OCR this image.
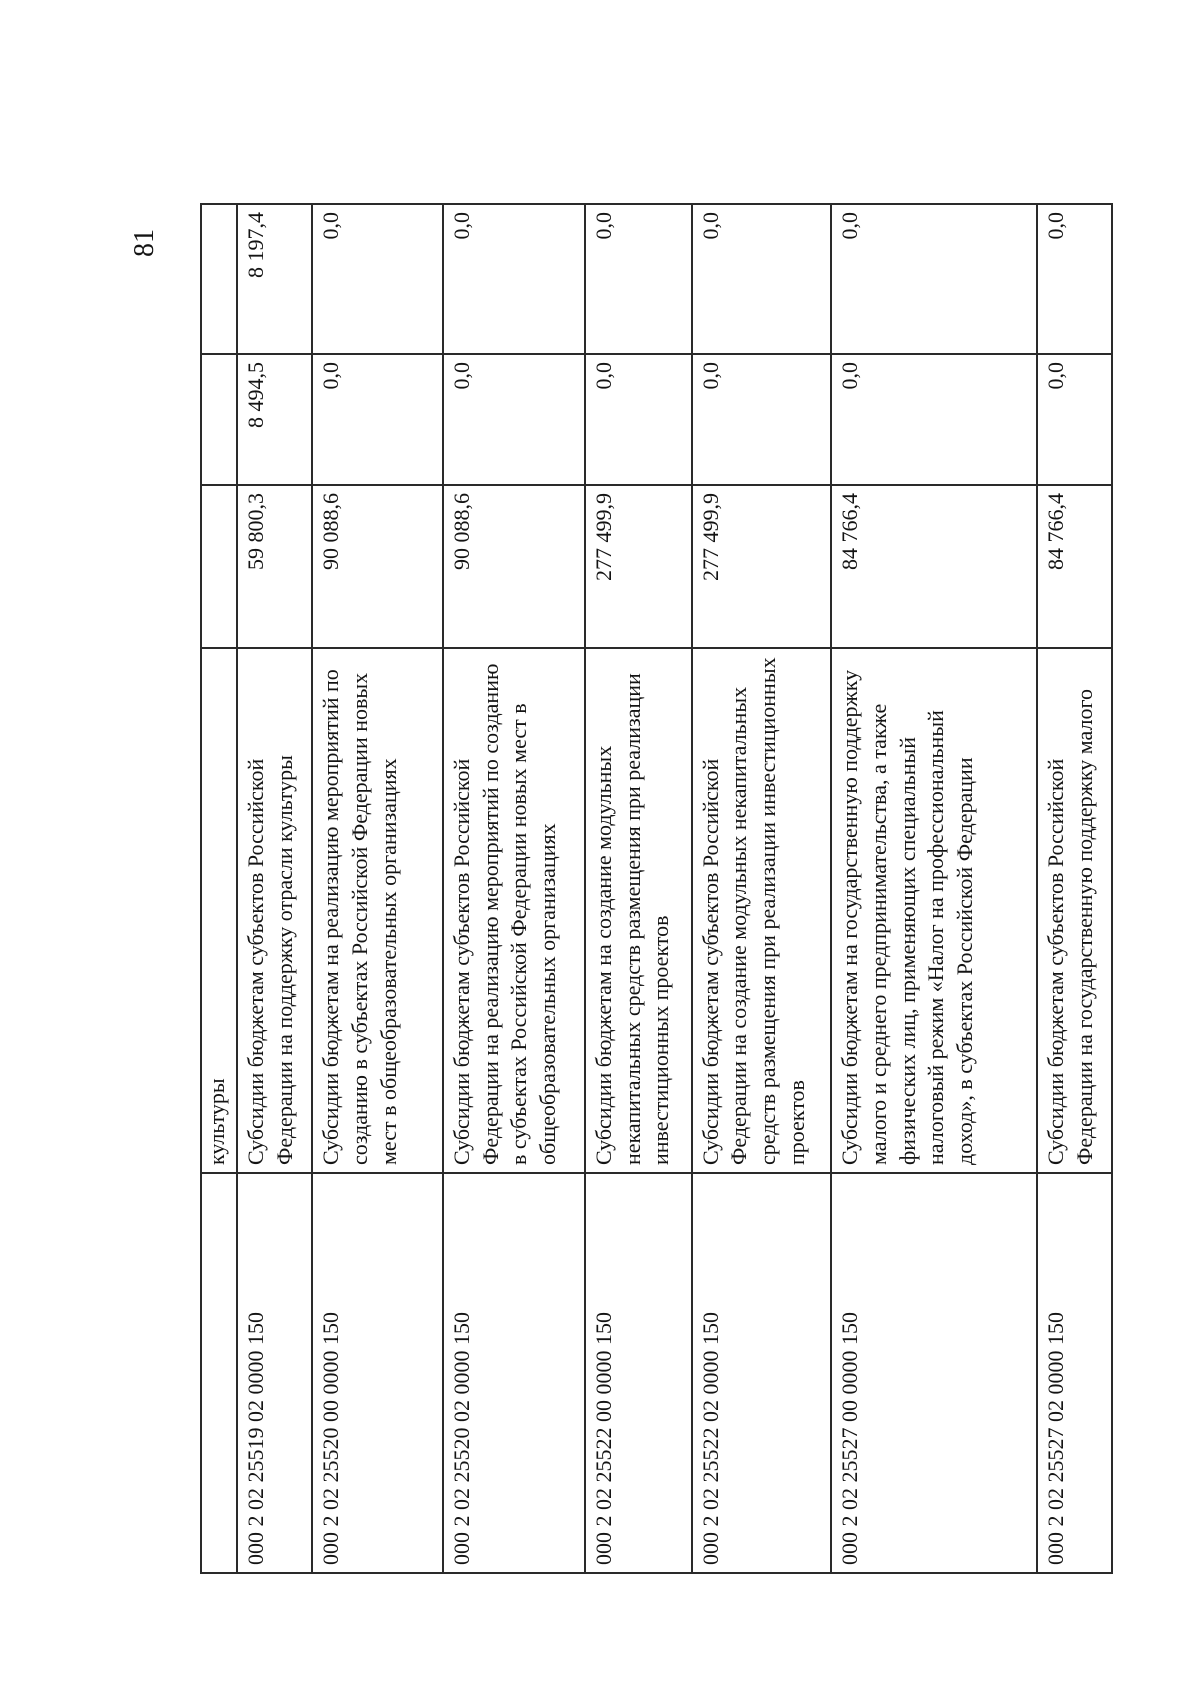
81
	культуры			
000 2 02 25519 02 0000 150	Субсидии бюджетам субъектов Российской Федерации на поддержку отрасли культуры	59 800,3	8 494,5	8 197,4
000 2 02 25520 00 0000 150	Субсидии бюджетам на реализацию мероприятий по созданию в субъектах Российской Федерации новых мест в общеобразовательных организациях	90 088,6	0,0	0,0
000 2 02 25520 02 0000 150	Субсидии бюджетам субъектов Российской Федерации на реализацию мероприятий по созданию в субъектах Российской Федерации новых мест в общеобразовательных организациях	90 088,6	0,0	0,0
000 2 02 25522 00 0000 150	Субсидии бюджетам на создание модульных некапитальных средств размещения при реализации инвестиционных проектов	277 499,9	0,0	0,0
000 2 02 25522 02 0000 150	Субсидии бюджетам субъектов Российской Федерации на создание модульных некапитальных средств размещения при реализации инвестиционных проектов	277 499,9	0,0	0,0
000 2 02 25527 00 0000 150	Субсидии бюджетам на государственную поддержку малого и среднего предпринимательства, а также физических лиц, применяющих специальный налоговый режим «Налог на профессиональный доход», в субъектах Российской Федерации	84 766,4	0,0	0,0
000 2 02 25527 02 0000 150	Субсидии бюджетам субъектов Российской Федерации на государственную поддержку малого	84 766,4	0,0	0,0
